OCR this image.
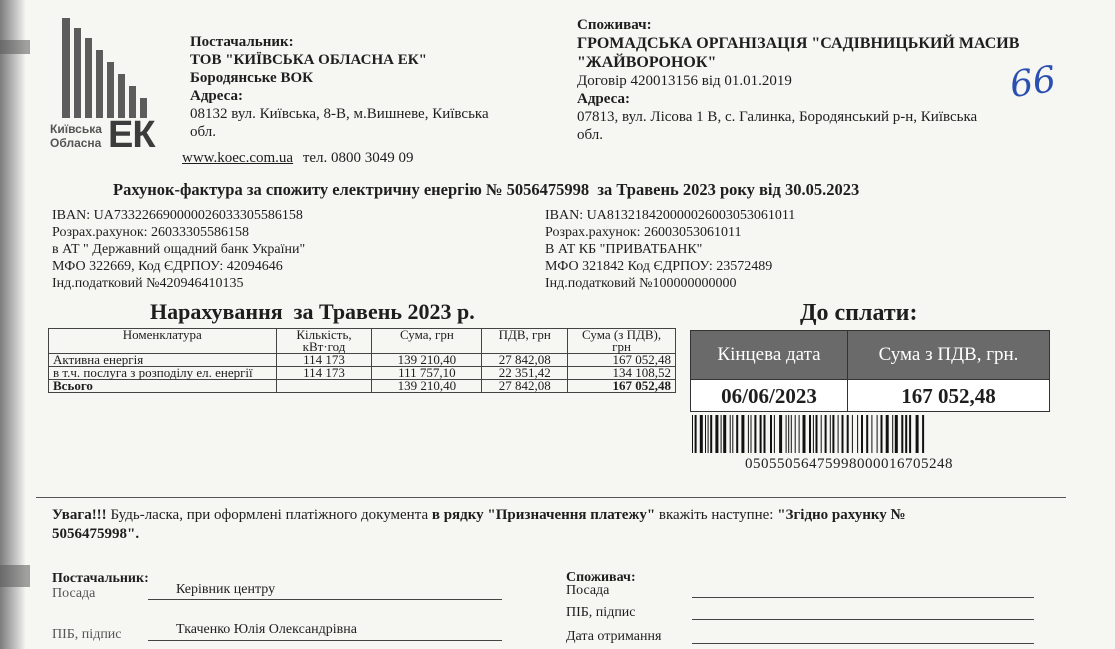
Київська
Обласна ЕК
Постачальник:
ТОВ "КИЇВСЬКА ОБЛАСНА ЕК"
Бородянське ВОК
Адреса:
08132 вул. Київська, 8-В, м.Вишневе, Київська
обл.
www.koec.com.ua тел. 0800 3049 09
Споживач:
ГРОМАДСЬКА ОРГАНІЗАЦІЯ "САДІВНИЦЬКИЙ МАСИВ
"ЖАЙВОРОНОК"
Договір 420013156 від 01.01.2019
Адреса:
07813, вул. Лісова 1 В, с. Галинка, Бородянський р-н, Київська
обл.
66
Рахунок-фактура за спожиту електричну енергію № 5056475998  за Травень 2023 року від 30.05.2023
IBAN: UA733226690000026033305586158
Розрах.рахунок: 26033305586158
в АТ " Державний ощадний банк України"
МФО 322669, Код ЄДРПОУ: 42094646
Інд.податковий №420946410135
IBAN: UA813218420000026003053061011
Розрах.рахунок: 26003053061011
В АТ КБ "ПРИВАТБАНК"
МФО 321842 Код ЄДРПОУ: 23572489
Інд.податковий №100000000000
Нарахування  за Травень 2023 р.
Номенклатура	Кількість, кВт·год	Сума, грн	ПДВ, грн	Сума (з ПДВ), грн
Активна енергія	114 173	139 210,40	27 842,08	167 052,48
в т.ч. послуга з розподілу ел. енергії	114 173	111 757,10	22 351,42	134 108,52
Всього		139 210,40	27 842,08	167 052,48
До сплати:
Кінцева дата	Сума з ПДВ, грн.
06/06/2023	167 052,48
05055056475998000016705248
Увага!!! Будь-ласка, при оформлені платіжного документа в рядку "Призначення платежу" вкажіть наступне: "Згідно рахунку №
5056475998".
Постачальник:
Посада	Керівник центру
ПІБ, підпис	Ткаченко Юлія Олександрівна
Споживач:
Посада
ПІБ, підпис
Дата отримання
